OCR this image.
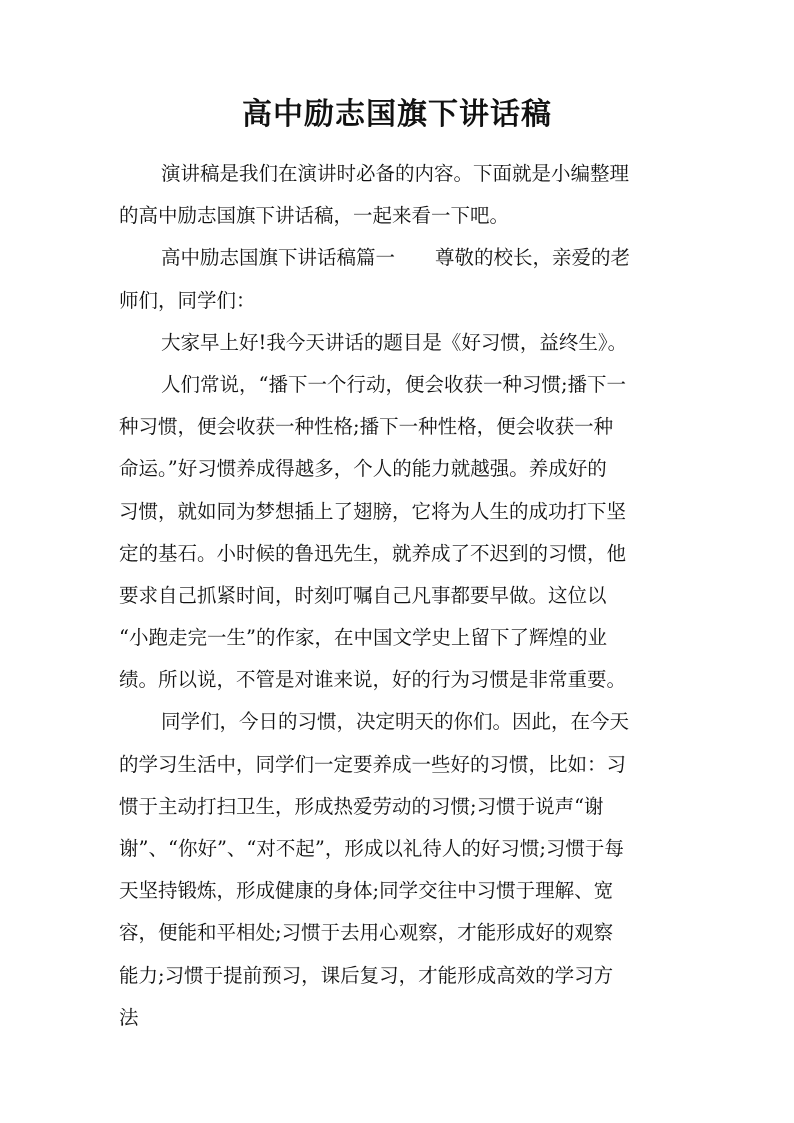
高中励志国旗下讲话稿
演讲稿是我们在演讲时必备的内容。下面就是小编整理
的高中励志国旗下讲话稿，一起来看一下吧。
高中励志国旗下讲话稿篇一 尊敬的校长，亲爱的老
师们，同学们：
大家早上好!我今天讲话的题目是《好习惯，益终生》。
人们常说，“播下一个行动，便会收获一种习惯;播下一
种习惯，便会收获一种性格;播下一种性格，便会收获一种
命运。”好习惯养成得越多，个人的能力就越强。养成好的
习惯，就如同为梦想插上了翅膀，它将为人生的成功打下坚
定的基石。小时候的鲁迅先生，就养成了不迟到的习惯，他
要求自己抓紧时间，时刻叮嘱自己凡事都要早做。这位以
“小跑走完一生”的作家，在中国文学史上留下了辉煌的业
绩。所以说，不管是对谁来说，好的行为习惯是非常重要。
同学们，今日的习惯，决定明天的你们。因此，在今天
的学习生活中，同学们一定要养成一些好的习惯，比如：习
惯于主动打扫卫生，形成热爱劳动的习惯;习惯于说声“谢
谢”、“你好”、“对不起”，形成以礼待人的好习惯;习惯于每
天坚持锻炼，形成健康的身体;同学交往中习惯于理解、宽
容，便能和平相处;习惯于去用心观察，才能形成好的观察
能力;习惯于提前预习，课后复习，才能形成高效的学习方
法
